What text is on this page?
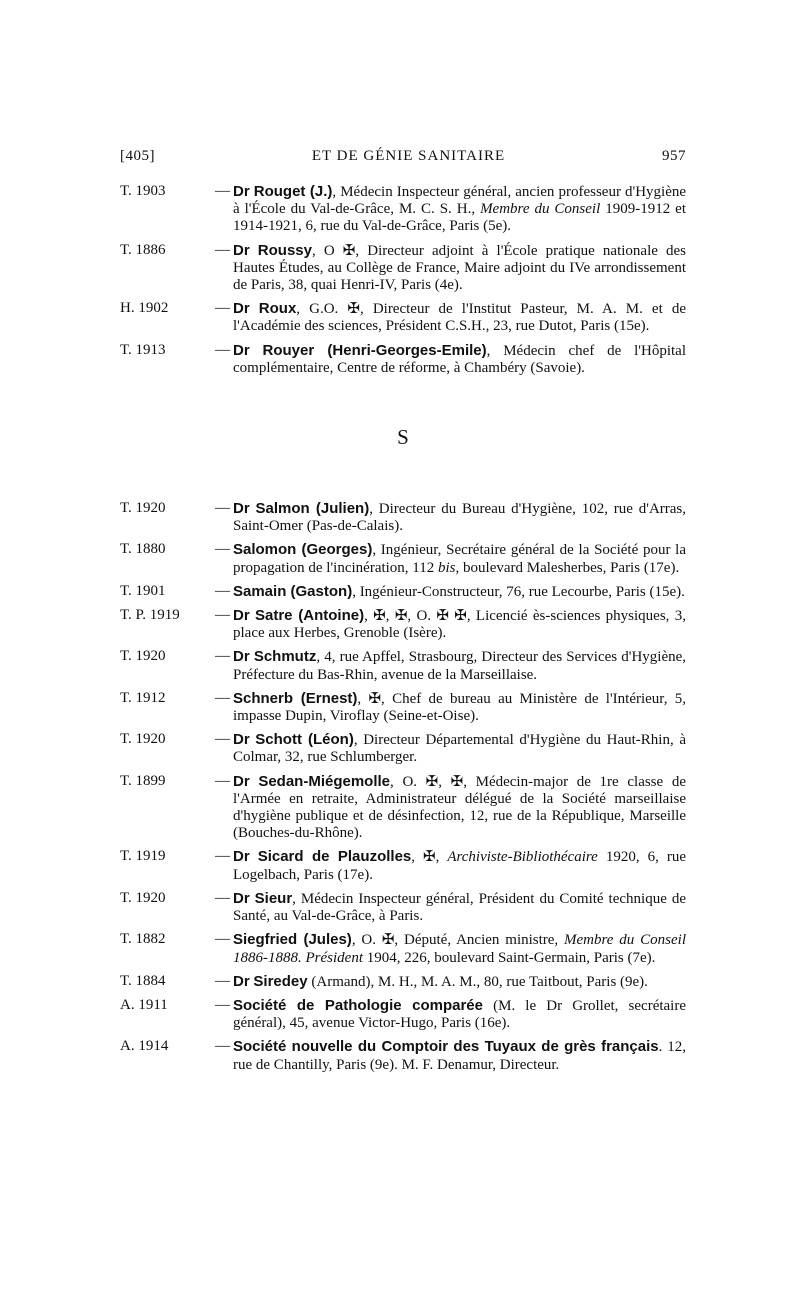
[405]	ET DE GÉNIE SANITAIRE	957
T. 1903	— Dr Rouget (J.), Médecin Inspecteur général, ancien professeur d'Hygiène à l'École du Val-de-Grâce, M. C. S. H., Membre du Conseil 1909-1912 et 1914-1921, 6, rue du Val-de-Grâce, Paris (5e).
T. 1886	— Dr Roussy, O ✠, Directeur adjoint à l'École pratique nationale des Hautes Études, au Collège de France, Maire adjoint du IVe arrondissement de Paris, 38, quai Henri-IV, Paris (4e).
H. 1902	— Dr Roux, G.O. ✠, Directeur de l'Institut Pasteur, M. A. M. et de l'Académie des sciences, Président C.S.H., 23, rue Dutot, Paris (15e).
T. 1913	— Dr Rouyer (Henri-Georges-Emile), Médecin chef de l'Hôpital complémentaire, Centre de réforme, à Chambéry (Savoie).
S
T. 1920	— Dr Salmon (Julien), Directeur du Bureau d'Hygiène, 102, rue d'Arras, Saint-Omer (Pas-de-Calais).
T. 1880	— Salomon (Georges), Ingénieur, Secrétaire général de la Société pour la propagation de l'incinération, 112 bis, boulevard Malesherbes, Paris (17e).
T. 1901	— Samain (Gaston), Ingénieur-Constructeur, 76, rue Lecourbe, Paris (15e).
T. P. 1919	— Dr Satre (Antoine), ✠, ✠, O. ✠ ✠, Licencié ès-sciences physiques, 3, place aux Herbes, Grenoble (Isère).
T. 1920	— Dr Schmutz, 4, rue Apffel, Strasbourg, Directeur des Services d'Hygiène, Préfecture du Bas-Rhin, avenue de la Marseillaise.
T. 1912	— Schnerb (Ernest), ✠, Chef de bureau au Ministère de l'Intérieur, 5, impasse Dupin, Viroflay (Seine-et-Oise).
T. 1920	— Dr Schott (Léon), Directeur Départemental d'Hygiène du Haut-Rhin, à Colmar, 32, rue Schlumberger.
T. 1899	— Dr Sedan-Miégemolle, O. ✠, ✠, Médecin-major de 1re classe de l'Armée en retraite, Administrateur délégué de la Société marseillaise d'hygiène publique et de désinfection, 12, rue de la République, Marseille (Bouches-du-Rhône).
T. 1919	— Dr Sicard de Plauzolles, ✠, Archiviste-Bibliothécaire 1920, 6, rue Logelbach, Paris (17e).
T. 1920	— Dr Sieur, Médecin Inspecteur général, Président du Comité technique de Santé, au Val-de-Grâce, à Paris.
T. 1882	— Siegfried (Jules), O. ✠, Député, Ancien ministre, Membre du Conseil 1886-1888. Président 1904, 226, boulevard Saint-Germain, Paris (7e).
T. 1884	— Dr Siredey (Armand), M. H., M. A. M., 80, rue Taitbout, Paris (9e).
A. 1911	— Société de Pathologie comparée (M. le Dr Grollet, secrétaire général), 45, avenue Victor-Hugo, Paris (16e).
A. 1914	— Société nouvelle du Comptoir des Tuyaux de grès français. 12, rue de Chantilly, Paris (9e). M. F. Denamur, Directeur.
